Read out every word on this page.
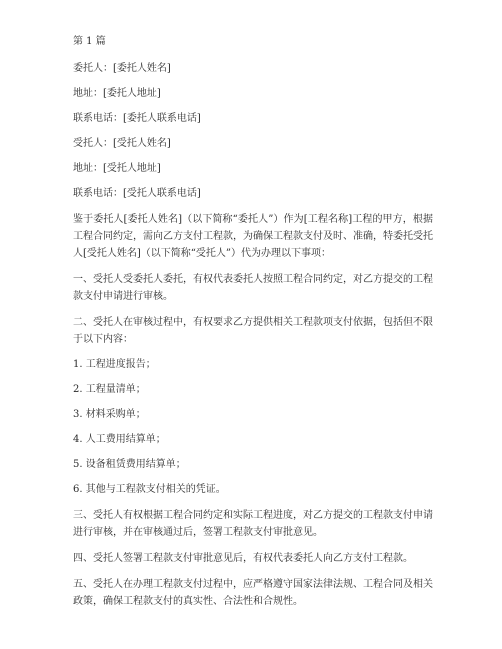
第 1 篇
委托人：[委托人姓名]
地址：[委托人地址]
联系电话：[委托人联系电话]
受托人：[受托人姓名]
地址：[受托人地址]
联系电话：[受托人联系电话]
鉴于委托人[委托人姓名]（以下简称“委托人”）作为[工程名称]工程的甲方，根据工程合同约定，需向乙方支付工程款，为确保工程款支付及时、准确，特委托受托人[受托人姓名]（以下简称“受托人”）代为办理以下事项：
一、受托人受委托人委托，有权代表委托人按照工程合同约定，对乙方提交的工程款支付申请进行审核。
二、受托人在审核过程中，有权要求乙方提供相关工程款项支付依据，包括但不限于以下内容：
1. 工程进度报告；
2. 工程量清单；
3. 材料采购单；
4. 人工费用结算单；
5. 设备租赁费用结算单；
6. 其他与工程款支付相关的凭证。
三、受托人有权根据工程合同约定和实际工程进度，对乙方提交的工程款支付申请进行审核，并在审核通过后，签署工程款支付审批意见。
四、受托人签署工程款支付审批意见后，有权代表委托人向乙方支付工程款。
五、受托人在办理工程款支付过程中，应严格遵守国家法律法规、工程合同及相关政策，确保工程款支付的真实性、合法性和合规性。
